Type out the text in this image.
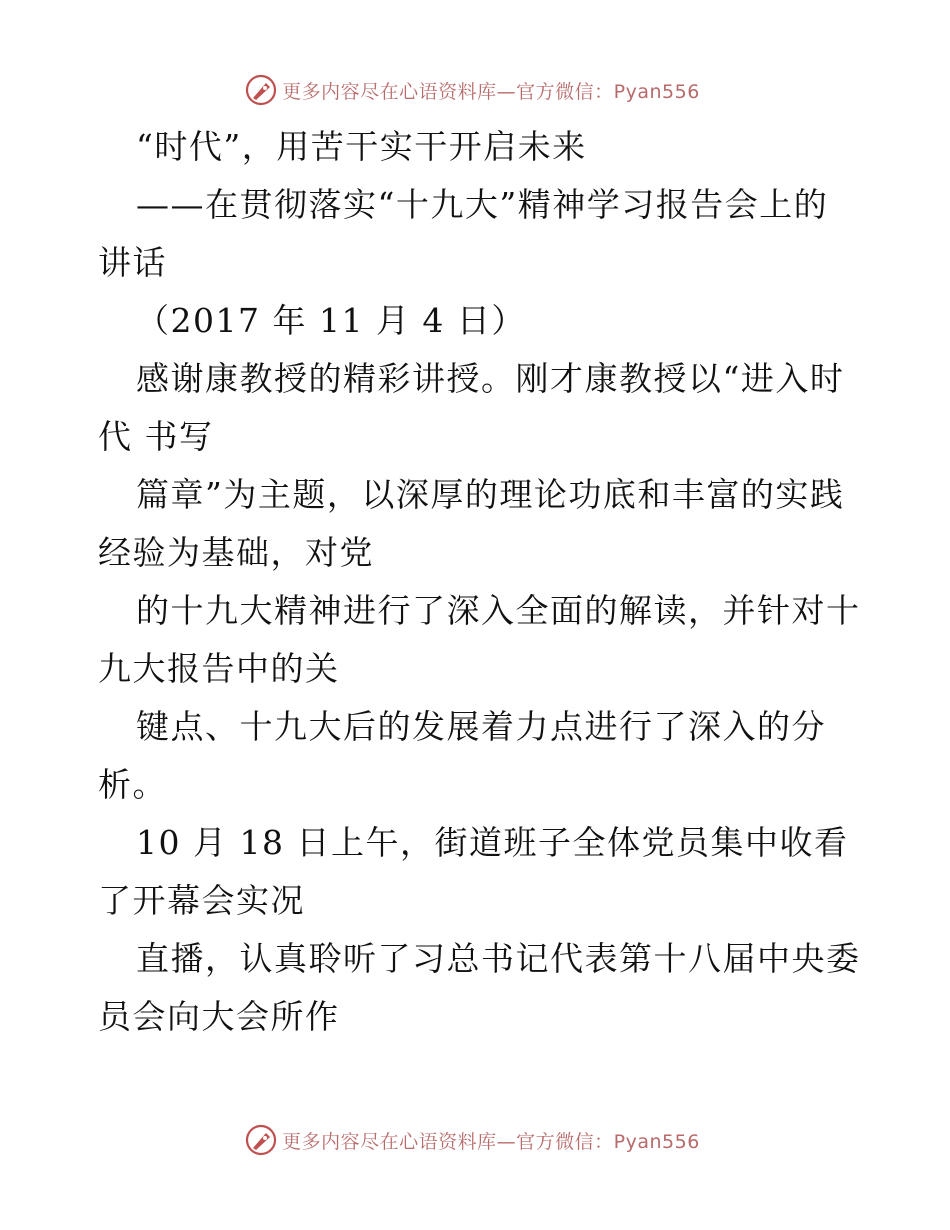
更多内容尽在心语资料库—官方微信：Pyan556
“时代”，用苦干实干开启未来
——在贯彻落实“十九大”精神学习报告会上的
讲话
（2017 年 11 月 4 日）
感谢康教授的精彩讲授。刚才康教授以“进入时
代 书写
篇章”为主题，以深厚的理论功底和丰富的实践
经验为基础，对党
的十九大精神进行了深入全面的解读，并针对十
九大报告中的关
键点、十九大后的发展着力点进行了深入的分
析。
10 月 18 日上午，街道班子全体党员集中收看
了开幕会实况
直播，认真聆听了习总书记代表第十八届中央委
员会向大会所作
更多内容尽在心语资料库—官方微信：Pyan556
